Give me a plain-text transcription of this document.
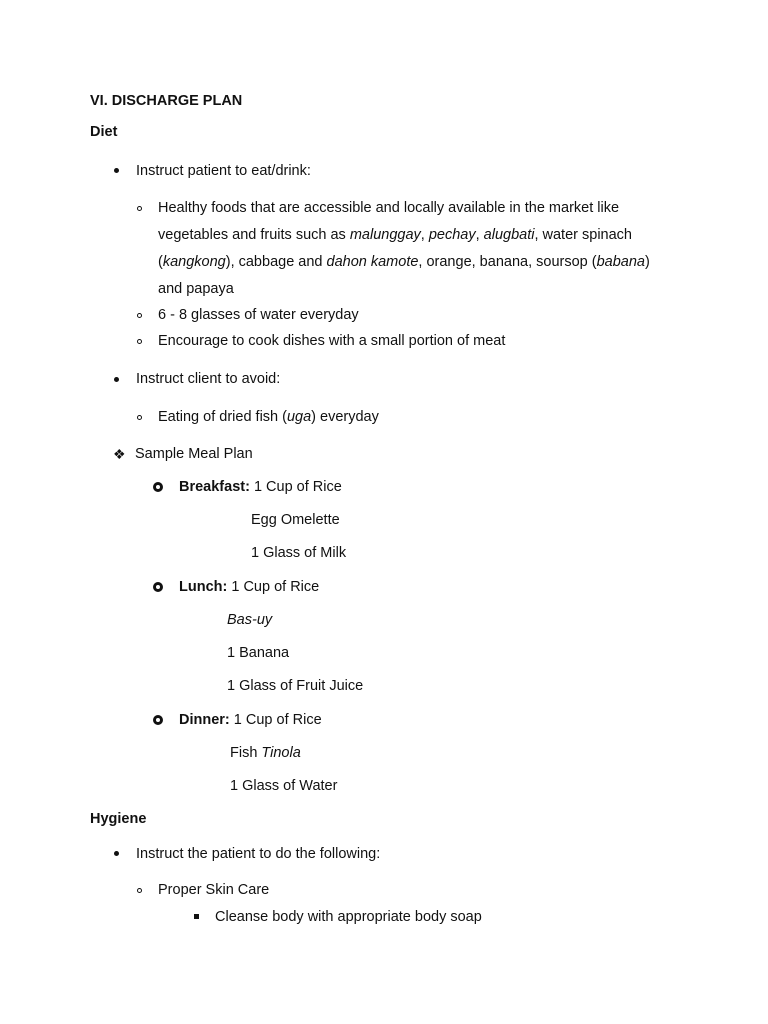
VI. DISCHARGE PLAN
Diet
Instruct patient to eat/drink:
Healthy foods that are accessible and locally available in the market like
vegetables and fruits such as malunggay, pechay, alugbati, water spinach
(kangkong), cabbage and dahon kamote, orange, banana, soursop (babana)
and papaya
6 - 8 glasses of water everyday
Encourage to cook dishes with a small portion of meat
Instruct client to avoid:
Eating of dried fish (uga) everyday
❖ Sample Meal Plan
Breakfast: 1 Cup of Rice
Egg Omelette
1 Glass of Milk
Lunch: 1 Cup of Rice
Bas-uy
1 Banana
1 Glass of Fruit Juice
Dinner: 1 Cup of Rice
Fish Tinola
1 Glass of Water
Hygiene
Instruct the patient to do the following:
Proper Skin Care
Cleanse body with appropriate body soap
